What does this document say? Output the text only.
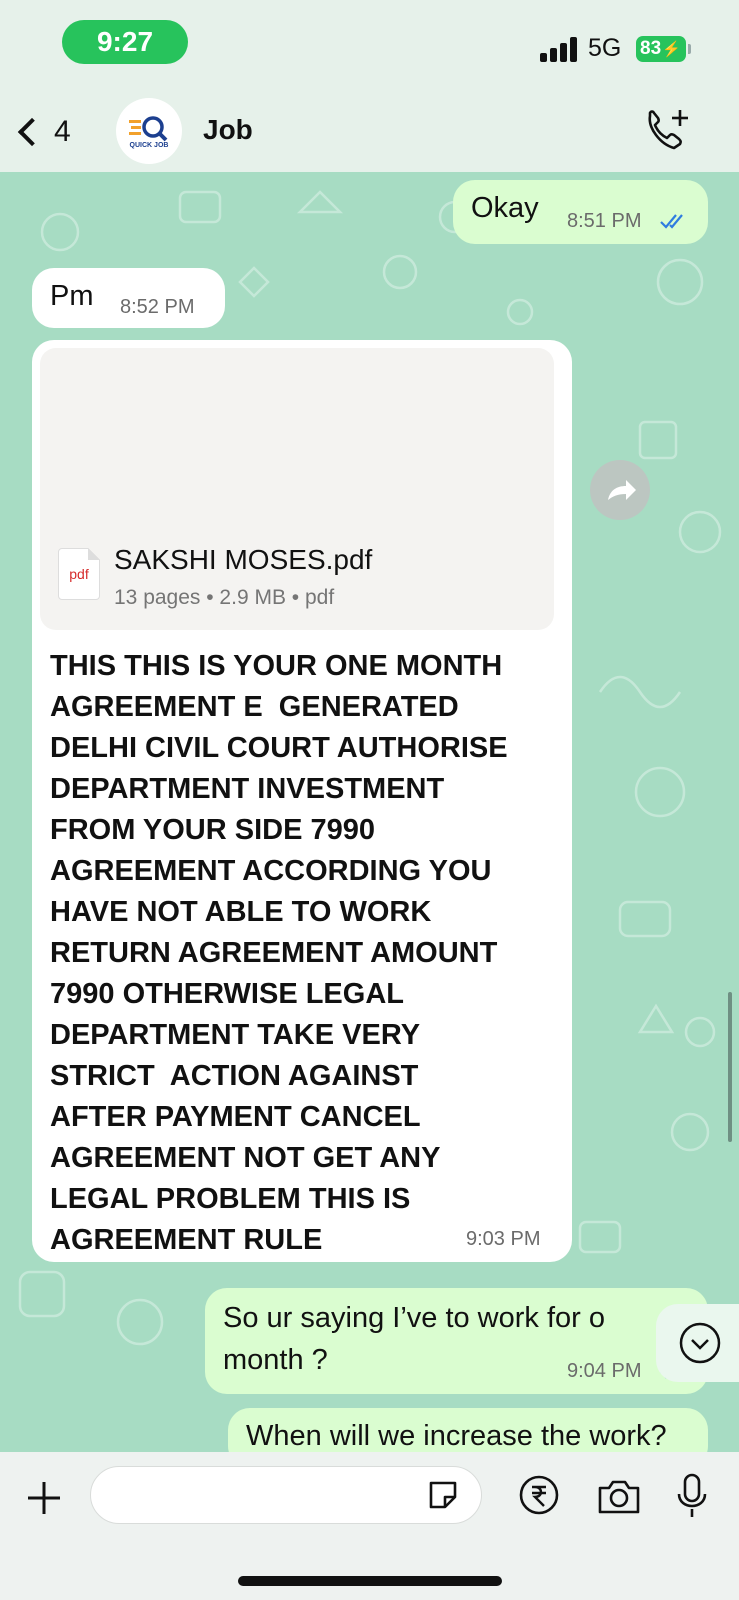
9:27	5G 83 ⚡
4	QUICK JOB Job
Okay 8:51 PM
Pm 8:52 PM
pdf SAKSHI MOSES.pdf
13 pages • 2.9 MB • pdf
THIS THIS IS YOUR ONE MONTH
AGREEMENT E  GENERATED
DELHI CIVIL COURT AUTHORISE
DEPARTMENT INVESTMENT
FROM YOUR SIDE 7990
AGREEMENT ACCORDING YOU
HAVE NOT ABLE TO WORK
RETURN AGREEMENT AMOUNT
7990 OTHERWISE LEGAL
DEPARTMENT TAKE VERY
STRICT  ACTION AGAINST
AFTER PAYMENT CANCEL
AGREEMENT NOT GET ANY
LEGAL PROBLEM THIS IS
AGREEMENT RULE	9:03 PM
So ur saying I’ve to work for o
month ?	9:04 PM
When will we increase the work?
